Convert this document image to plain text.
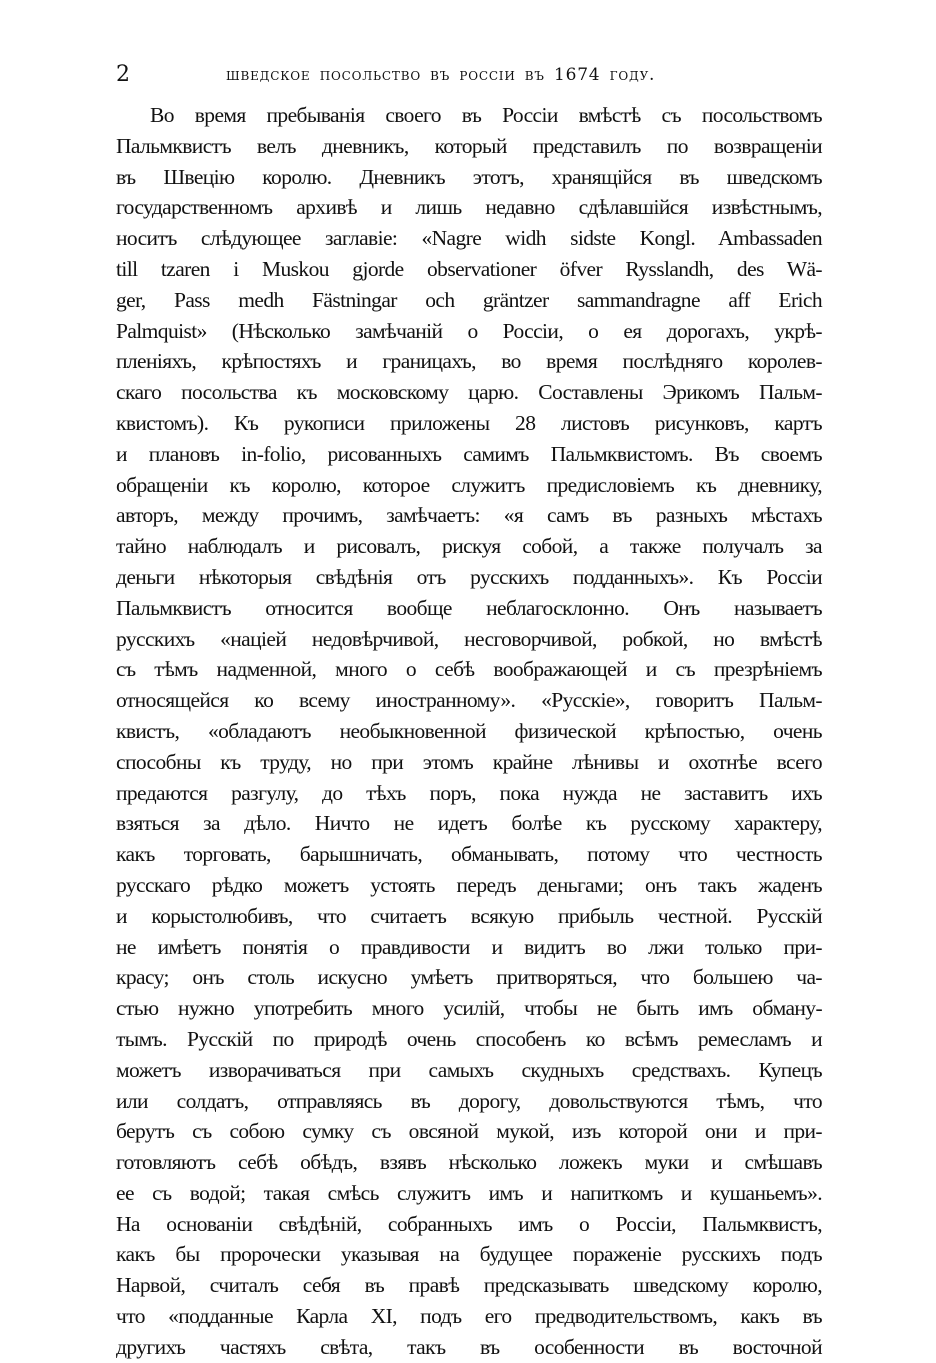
2	шведское посольство въ россіи въ 1674 году.
Во время пребыванія своего въ Россіи вмѣстѣ съ посольствомъ
Пальмквистъ велъ дневникъ, который представилъ по возвращеніи
въ Швецію королю. Дневникъ этотъ, хранящійся въ шведскомъ
государственномъ архивѣ и лишь недавно сдѣлавшійся извѣстнымъ,
носитъ слѣдующее заглавіе: «Nagre widh sidste Kongl. Ambassaden
till tzaren i Muskou gjorde observationer öfver Rysslandh, des Wä-
ger, Pass medh Fästningar och gräntzer sammandragne aff Erich
Palmquist» (Нѣсколько замѣчаній о Россіи, о ея дорогахъ, укрѣ-
пленіяхъ, крѣпостяхъ и границахъ, во время послѣдняго королев-
скаго посольства къ московскому царю. Составлены Эрикомъ Пальм-
квистомъ). Къ рукописи приложены 28 листовъ рисунковъ, картъ
и плановъ in-folio, рисованныхъ самимъ Пальмквистомъ. Въ своемъ
обращеніи къ королю, которое служитъ предисловіемъ къ дневнику,
авторъ, между прочимъ, замѣчаетъ: «я самъ въ разныхъ мѣстахъ
тайно наблюдалъ и рисовалъ, рискуя собой, а также получалъ за
деньги нѣкоторыя свѣдѣнія отъ русскихъ подданныхъ». Къ Россіи
Пальмквистъ относится вообще неблагосклонно. Онъ называетъ
русскихъ «націей недовѣрчивой, несговорчивой, робкой, но вмѣстѣ
съ тѣмъ надменной, много о себѣ воображающей и съ презрѣніемъ
относящейся ко всему иностранному». «Русскіе», говоритъ Пальм-
квистъ, «обладаютъ необыкновенной физической крѣпостью, очень
способны къ труду, но при этомъ крайне лѣнивы и охотнѣе всего
предаются разгулу, до тѣхъ поръ, пока нужда не заставитъ ихъ
взяться за дѣло. Ничто не идетъ болѣе къ русскому характеру,
какъ торговать, барышничать, обманывать, потому что честность
русскаго рѣдко можетъ устоять передъ деньгами; онъ такъ жаденъ
и корыстолюбивъ, что считаетъ всякую прибыль честной. Русскій
не имѣетъ понятія о правдивости и видитъ во лжи только при-
красу; онъ столь искусно умѣетъ притворяться, что большею ча-
стью нужно употребить много усилій, чтобы не быть имъ обману-
тымъ. Русскій по природѣ очень способенъ ко всѣмъ ремесламъ и
можетъ изворачиваться при самыхъ скудныхъ средствахъ. Купецъ
или солдатъ, отправляясь въ дорогу, довольствуются тѣмъ, что
берутъ съ собою сумку съ овсяной мукой, изъ которой они и при-
готовляютъ себѣ обѣдъ, взявъ нѣсколько ложекъ муки и смѣшавъ
ее съ водой; такая смѣсь служитъ имъ и напиткомъ и кушаньемъ».
На основаніи свѣдѣній, собранныхъ имъ о Россіи, Пальмквистъ,
какъ бы пророчески указывая на будущее пораженіе русскихъ подъ
Нарвой, считалъ себя въ правѣ предсказывать шведскому королю,
что «подданные Карла XI, подъ его предводительствомъ, какъ въ
другихъ частяхъ свѣта, такъ въ особенности въ восточной
